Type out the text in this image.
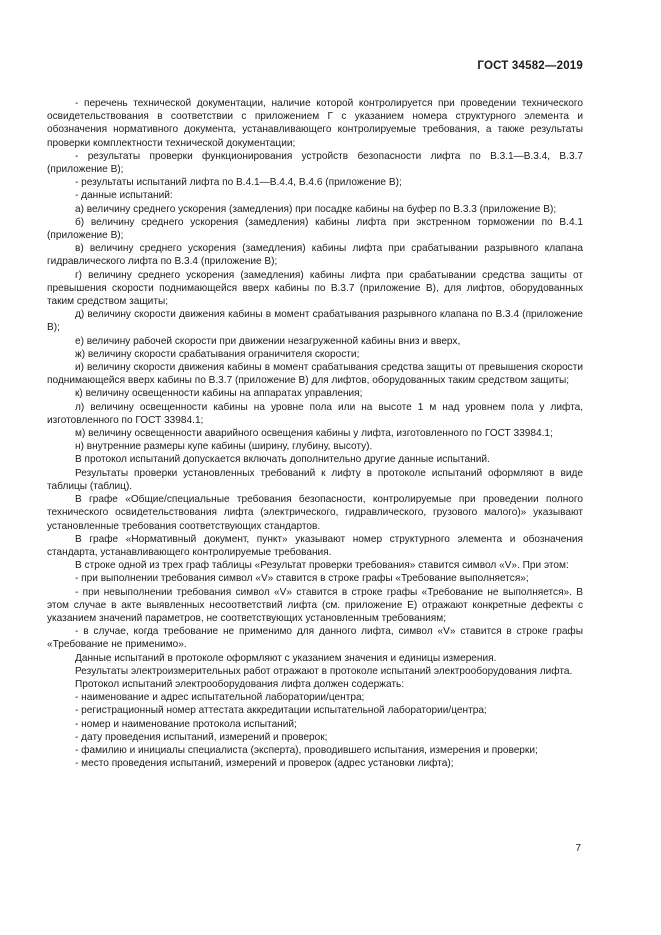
ГОСТ 34582—2019

- перечень технической документации, наличие которой контролируется при проведении технического освидетельствования в соответствии с приложением Г с указанием номера структурного элемента и обозначения нормативного документа, устанавливающего контролируемые требования, а также результаты проверки комплектности технической документации;

- результаты проверки функционирования устройств безопасности лифта по В.3.1—В.3.4, В.3.7 (приложение В);

- результаты испытаний лифта по В.4.1—В.4.4, В.4.6 (приложение В);

- данные испытаний:

а) величину среднего ускорения (замедления) при посадке кабины на буфер по В.3.3 (приложение В);

б) величину среднего ускорения (замедления) кабины лифта при экстренном торможении по В.4.1 (приложение В);

в) величину среднего ускорения (замедления) кабины лифта при срабатывании разрывного клапана гидравлического лифта по В.3.4 (приложение В);

г) величину среднего ускорения (замедления) кабины лифта при срабатывании средства защиты от превышения скорости поднимающейся вверх кабины по В.3.7 (приложение В), для лифтов, оборудованных таким средством защиты;

д) величину скорости движения кабины в момент срабатывания разрывного клапана по В.3.4 (приложение В);

е) величину рабочей скорости при движении незагруженной кабины вниз и вверх,

ж) величину скорости срабатывания ограничителя скорости;

и) величину скорости движения кабины в момент срабатывания средства защиты от превышения скорости поднимающейся вверх кабины по В.3.7 (приложение В) для лифтов, оборудованных таким средством защиты;

к) величину освещенности кабины на аппаратах управления;

л) величину освещенности кабины на уровне пола или на высоте 1 м над уровнем пола у лифта, изготовленного по ГОСТ 33984.1;

м) величину освещенности аварийного освещения кабины у лифта, изготовленного по ГОСТ 33984.1;

н) внутренние размеры купе кабины (ширину, глубину, высоту).

В протокол испытаний допускается включать дополнительно другие данные испытаний.

Результаты проверки установленных требований к лифту в протоколе испытаний оформляют в виде таблицы (таблиц).

В графе «Общие/специальные требования безопасности, контролируемые при проведении полного технического освидетельствования лифта (электрического, гидравлического, грузового малого)» указывают установленные требования соответствующих стандартов.

В графе «Нормативный документ, пункт» указывают номер структурного элемента и обозначения стандарта, устанавливающего контролируемые требования.

В строке одной из трех граф таблицы «Результат проверки требования» ставится символ «V». При этом:

- при выполнении требования символ «V» ставится в строке графы «Требование выполняется»;

- при невыполнении требования символ «V» ставится в строке графы «Требование не выполняется». В этом случае в акте выявленных несоответствий лифта (см. приложение Е) отражают конкретные дефекты с указанием значений параметров, не соответствующих установленным требованиям;

- в случае, когда требование не применимо для данного лифта, символ «V» ставится в строке графы «Требование не применимо».

Данные испытаний в протоколе оформляют с указанием значения и единицы измерения.

Результаты электроизмерительных работ отражают в протоколе испытаний электрооборудования лифта.

Протокол испытаний электрооборудования лифта должен содержать:

- наименование и адрес испытательной лаборатории/центра;

- регистрационный номер аттестата аккредитации испытательной лаборатории/центра;

- номер и наименование протокола испытаний;

- дату проведения испытаний, измерений и проверок;

- фамилию и инициалы специалиста (эксперта), проводившего испытания, измерения и проверки;

- место проведения испытаний, измерений и проверок (адрес установки лифта);

7
